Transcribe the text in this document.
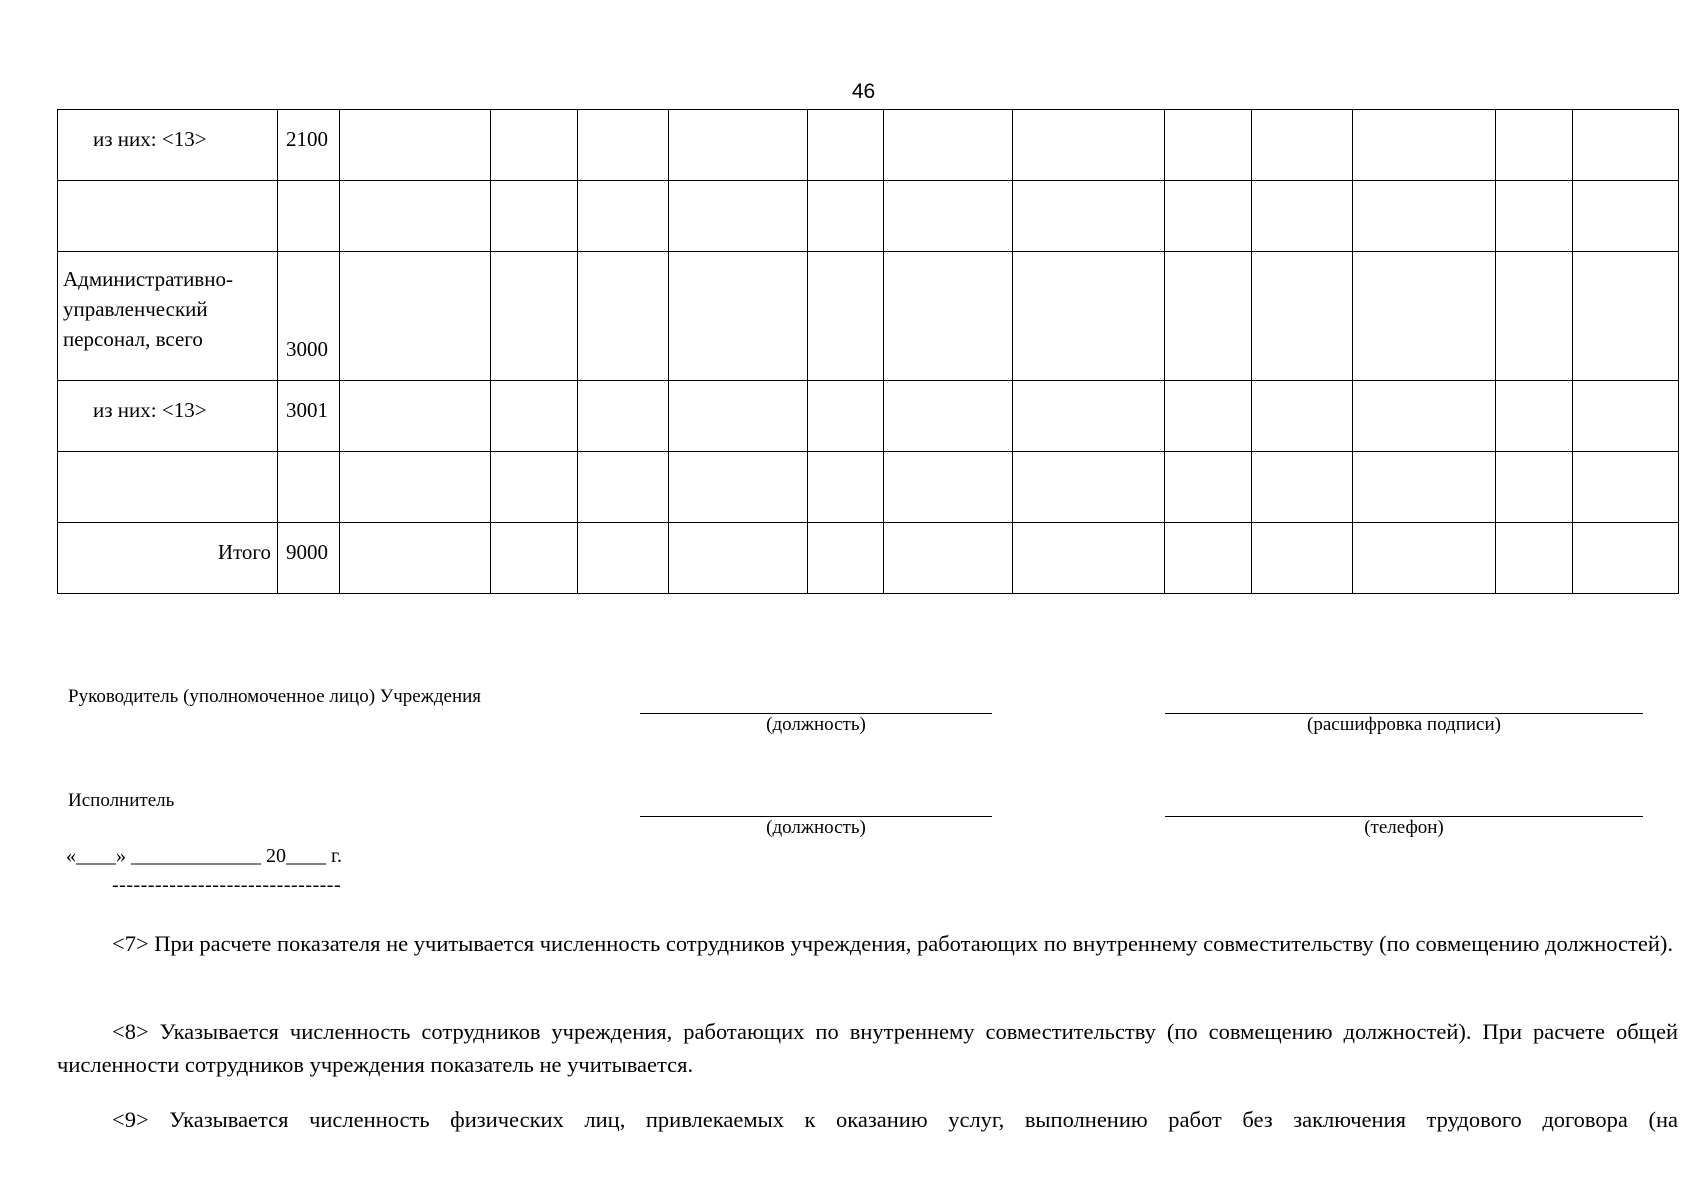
46
из них: <13>	2100												

Административно-
управленческий
персонал, всего	3000												
из них: <13>	3001												

Итого	9000												
Руководитель (уполномоченное лицо) Учреждения
(должность)	(расшифровка подписи)
Исполнитель
(должность)	(телефон)
«____» _____________ 20____ г.
--------------------------------
<7> При расчете показателя не учитывается численность сотрудников учреждения, работающих по внутреннему совместительству (по совмещению должностей).
<8> Указывается численность сотрудников учреждения, работающих по внутреннему совместительству (по совмещению должностей). При расчете общей численности сотрудников учреждения показатель не учитывается.
<9> Указывается численность физических лиц, привлекаемых к оказанию услуг, выполнению работ без заключения трудового договора (на
